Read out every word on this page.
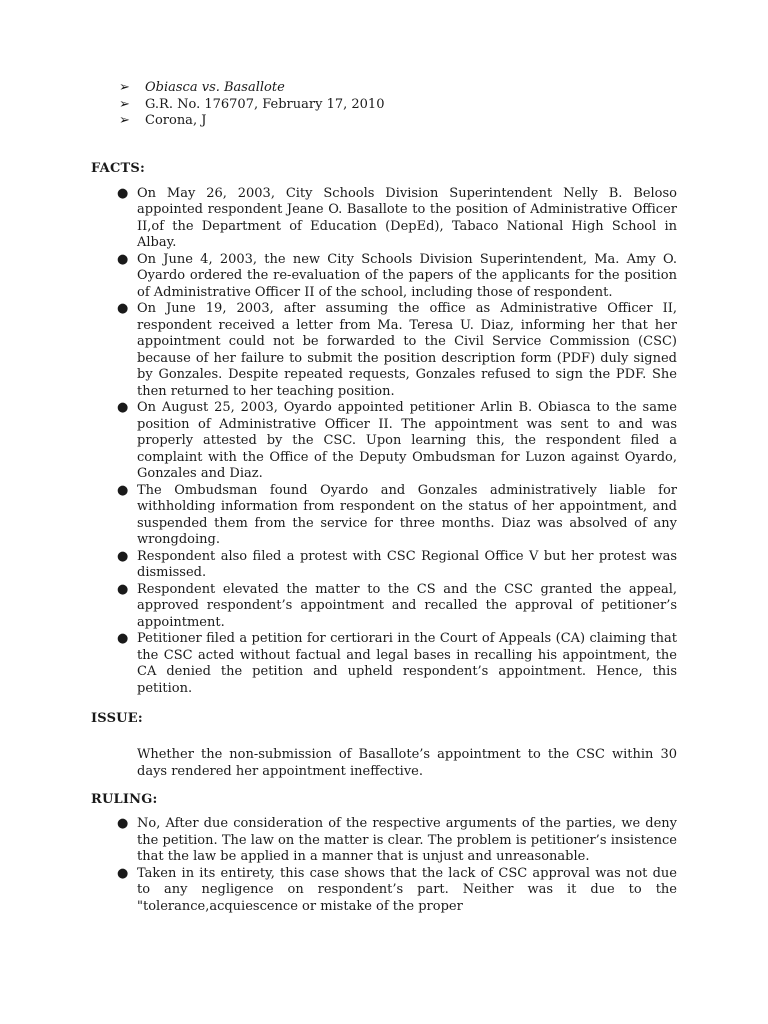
➢ Obiasca vs. Basallote
➢ G.R. No. 176707, February 17, 2010
➢ Corona, J
FACTS:
● On May 26, 2003, City Schools Division Superintendent Nelly B. Beloso appointed respondent Jeane O. Basallote to the position of Administrative Officer II,of the Department of Education (DepEd), Tabaco National High School in Albay.
● On June 4, 2003, the new City Schools Division Superintendent, Ma. Amy O. Oyardo ordered the re-evaluation of the papers of the applicants for the position of Administrative Officer II of the school, including those of respondent.
● On June 19, 2003, after assuming the office as Administrative Officer II, respondent received a letter from Ma. Teresa U. Diaz, informing her that her appointment could not be forwarded to the Civil Service Commission (CSC) because of her failure to submit the position description form (PDF) duly signed by Gonzales. Despite repeated requests, Gonzales refused to sign the PDF. She then returned to her teaching position.
● On August 25, 2003, Oyardo appointed petitioner Arlin B. Obiasca to the same position of Administrative Officer II. The appointment was sent to and was properly attested by the CSC. Upon learning this, the respondent filed a complaint with the Office of the Deputy Ombudsman for Luzon against Oyardo, Gonzales and Diaz.
● The Ombudsman found Oyardo and Gonzales administratively liable for withholding information from respondent on the status of her appointment, and suspended them from the service for three months. Diaz was absolved of any wrongdoing.
● Respondent also filed a protest with CSC Regional Office V but her protest was dismissed.
● Respondent elevated the matter to the CS and the CSC granted the appeal, approved respondent’s appointment and recalled the approval of petitioner’s appointment.
● Petitioner filed a petition for certiorari in the Court of Appeals (CA) claiming that the CSC acted without factual and legal bases in recalling his appointment, the CA denied the petition and upheld respondent’s appointment. Hence, this petition.
ISSUE:

Whether the non-submission of Basallote’s appointment to the CSC within 30 days rendered her appointment ineffective.

RULING:
● No, After due consideration of the respective arguments of the parties, we deny the petition. The law on the matter is clear. The problem is petitioner’s insistence that the law be applied in a manner that is unjust and unreasonable.
● Taken in its entirety, this case shows that the lack of CSC approval was not due to any negligence on respondent’s part. Neither was it due to the "tolerance,acquiescence or mistake of the proper
